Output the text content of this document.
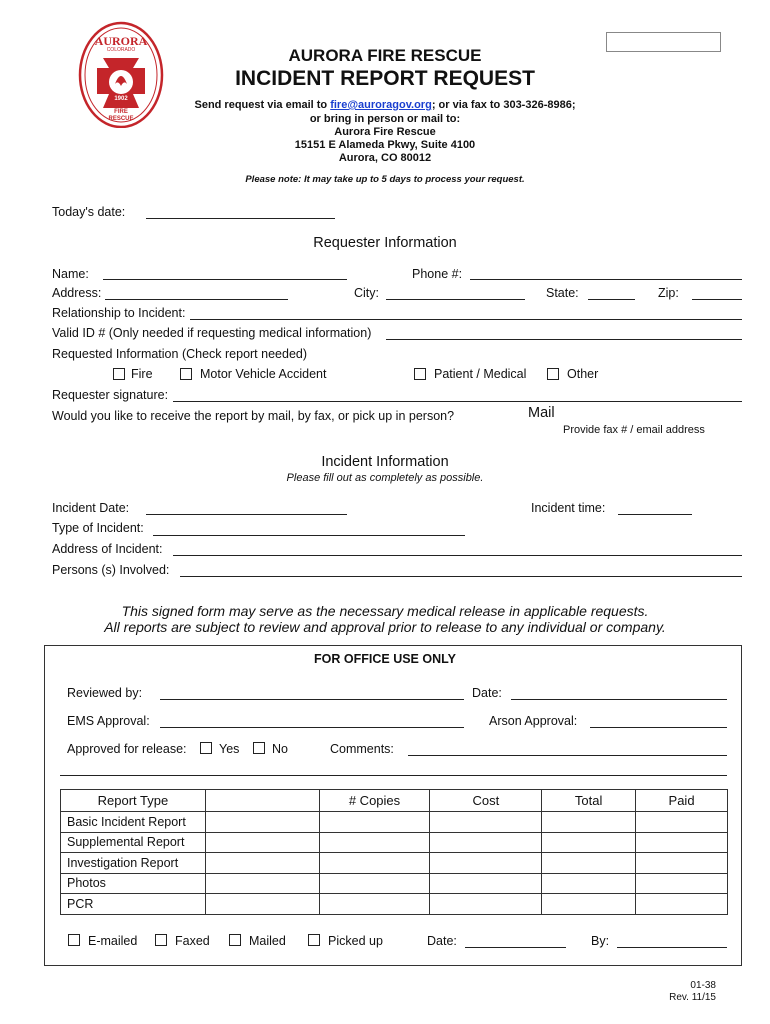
AURORA
COLORADO
1902
FIRE
RESCUE
AURORA FIRE RESCUE
INCIDENT REPORT REQUEST
Send request via email to fire@auroragov.org; or via fax to 303-326-8986;
or bring in person or mail to:
Aurora Fire Rescue
15151 E Alameda Pkwy, Suite 4100
Aurora, CO 80012
Please note: It may take up to 5 days to process your request.
Today's date:
Requester Information
Name:	Phone #:
Address:	City:	State:	Zip:
Relationship to Incident:
Valid ID # (Only needed if requesting medical information)
Requested Information (Check report needed)
Fire	Motor Vehicle Accident	Patient / Medical	Other
Requester signature:
Would you like to receive the report by mail, by fax, or pick up in person?	Mail
Provide fax # / email address
Incident Information
Please fill out as completely as possible.
Incident Date:	Incident time:
Type of Incident:
Address of Incident:
Persons (s) Involved:
This signed form may serve as the necessary medical release in applicable requests.
All reports are subject to review and approval prior to release to any individual or company.
FOR OFFICE USE ONLY
Reviewed by:	Date:
EMS Approval:	Arson Approval:
Approved for release:	Yes	No	Comments:
Report Type		# Copies	Cost	Total	Paid
Basic Incident Report					
Supplemental Report					
Investigation Report					
Photos					
PCR					
E-mailed	Faxed	Mailed	Picked up	Date:	By:
01-38
Rev. 11/15
